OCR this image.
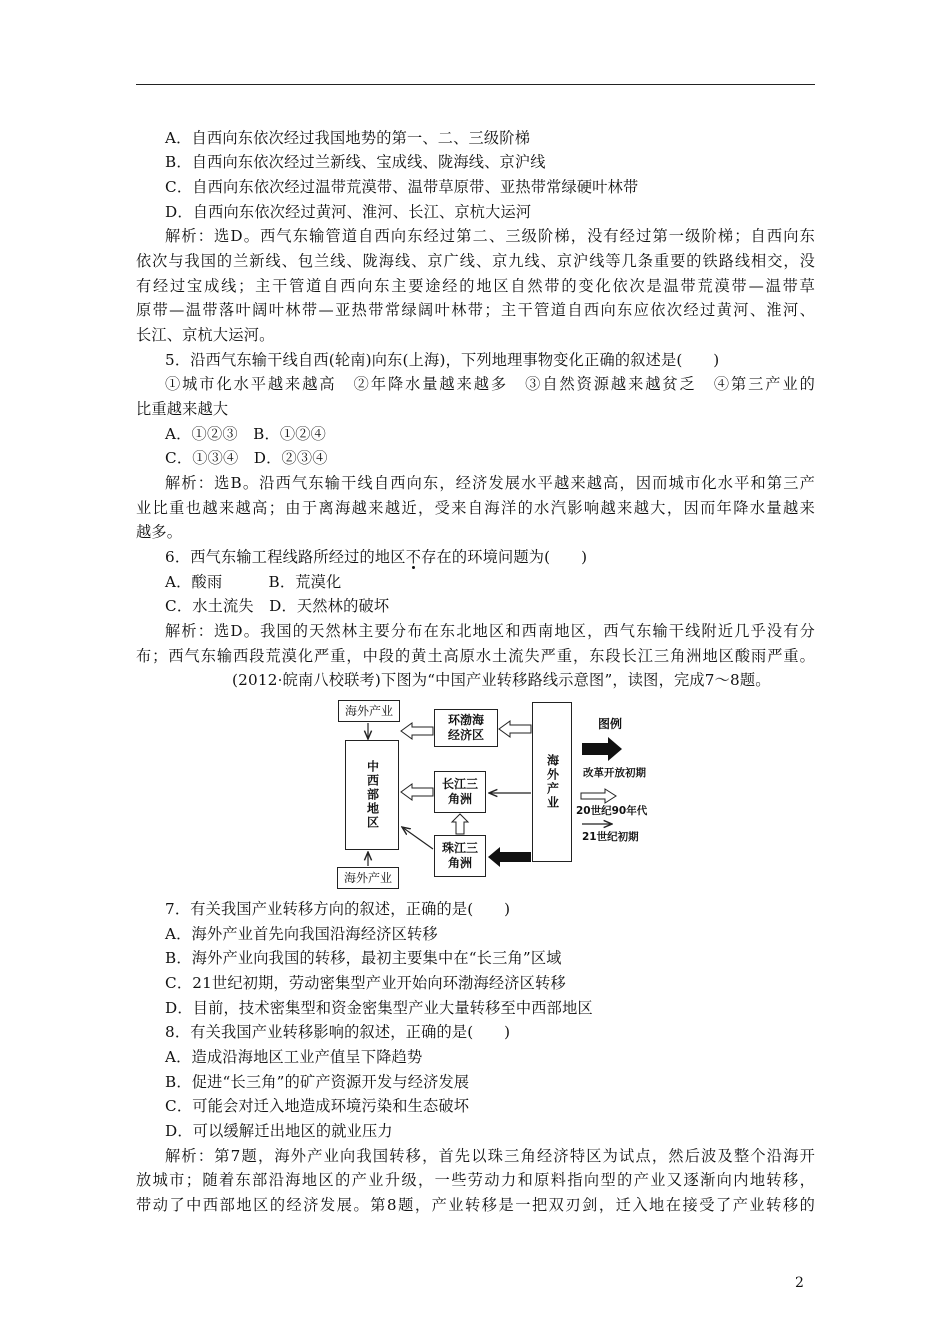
A．自西向东依次经过我国地势的第一、二、三级阶梯
B．自西向东依次经过兰新线、宝成线、陇海线、京沪线
C．自西向东依次经过温带荒漠带、温带草原带、亚热带常绿硬叶林带
D．自西向东依次经过黄河、淮河、长江、京杭大运河
解析：选D。西气东输管道自西向东经过第二、三级阶梯，没有经过第一级阶梯；自西向东
依次与我国的兰新线、包兰线、陇海线、京广线、京九线、京沪线等几条重要的铁路线相交，没
有经过宝成线；主干管道自西向东主要途经的地区自然带的变化依次是温带荒漠带—温带草
原带—温带落叶阔叶林带—亚热带常绿阔叶林带；主干管道自西向东应依次经过黄河、淮河、
长江、京杭大运河。
5．沿西气东输干线自西(轮南)向东(上海)，下列地理事物变化正确的叙述是(　　)
①城市化水平越来越高　②年降水量越来越多　③自然资源越来越贫乏　④第三产业的
比重越来越大
A．①②③　B．①②④
C．①③④　D．②③④
解析：选B。沿西气东输干线自西向东，经济发展水平越来越高，因而城市化水平和第三产
业比重也越来越高；由于离海越来越近，受来自海洋的水汽影响越来越大，因而年降水量越来
越多。
6．西气东输工程线路所经过的地区不存在的环境问题为(　　)
A．酸雨　　　B．荒漠化
C．水土流失　D．天然林的破坏
解析：选D。我国的天然林主要分布在东北地区和西南地区，西气东输干线附近几乎没有分
布；西气东输西段荒漠化严重，中段的黄土高原水土流失严重，东段长江三角洲地区酸雨严重。
(2012·皖南八校联考)下图为“中国产业转移路线示意图”，读图，完成7～8题。
海外产业
中西部地区
海外产业
环渤海经济区
长江三角洲
珠江三角洲
海外产业
图例
改革开放初期
20世纪90年代
21世纪初期
7．有关我国产业转移方向的叙述，正确的是(　　)
A．海外产业首先向我国沿海经济区转移
B．海外产业向我国的转移，最初主要集中在“长三角”区域
C．21世纪初期，劳动密集型产业开始向环渤海经济区转移
D．目前，技术密集型和资金密集型产业大量转移至中西部地区
8．有关我国产业转移影响的叙述，正确的是(　　)
A．造成沿海地区工业产值呈下降趋势
B．促进“长三角”的矿产资源开发与经济发展
C．可能会对迁入地造成环境污染和生态破坏
D．可以缓解迁出地区的就业压力
解析：第7题，海外产业向我国转移，首先以珠三角经济特区为试点，然后波及整个沿海开
放城市；随着东部沿海地区的产业升级，一些劳动力和原料指向型的产业又逐渐向内地转移，
带动了中西部地区的经济发展。第8题，产业转移是一把双刃剑，迁入地在接受了产业转移的
2
